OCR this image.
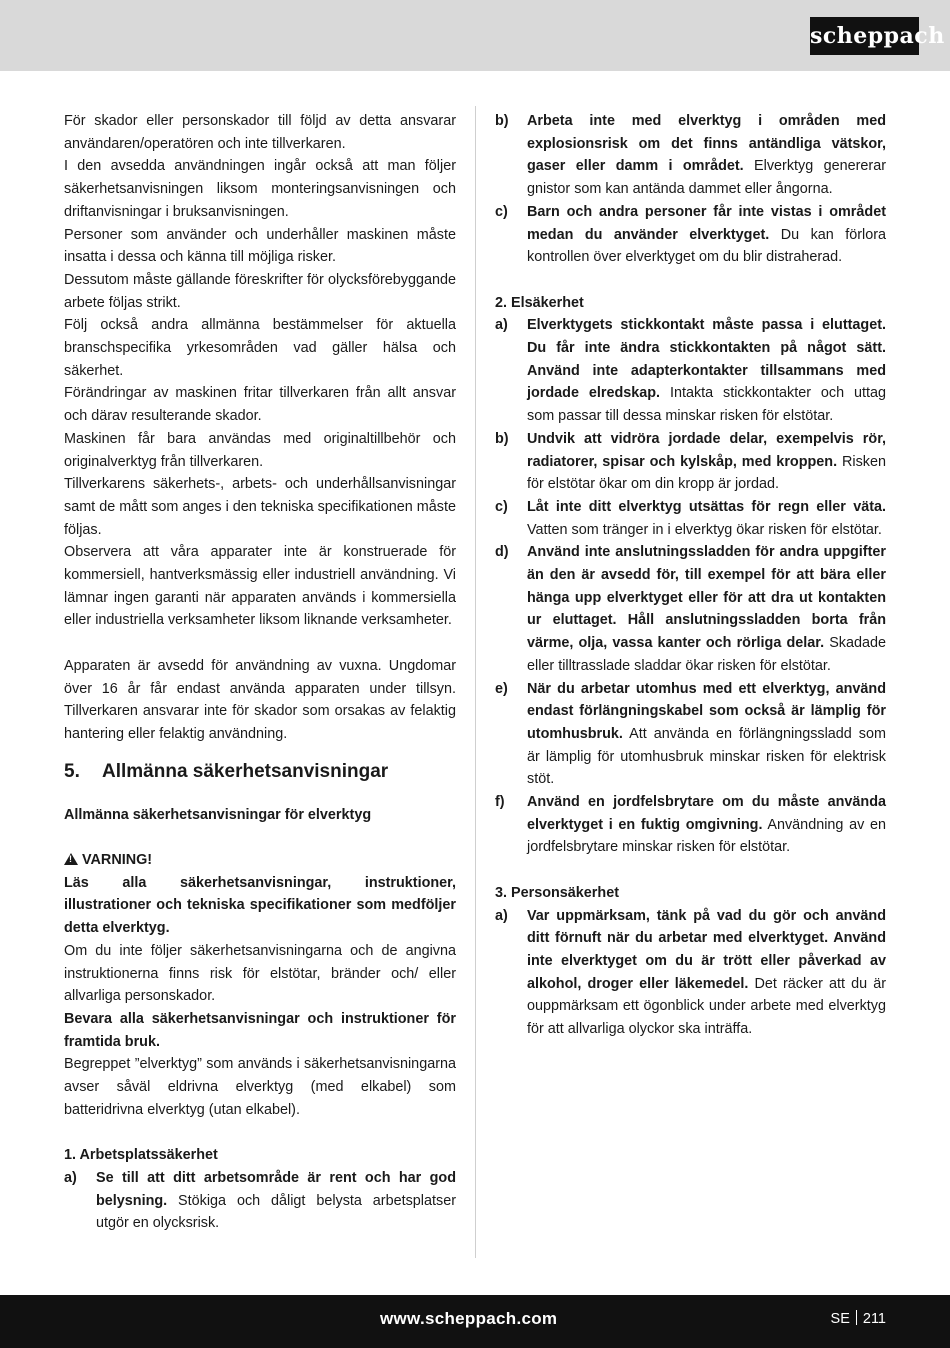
scheppach

För skador eller personskador till följd av detta ansvarar användaren/operatören och inte tillverkaren.

I den avsedda användningen ingår också att man följer säkerhetsanvisningen liksom monteringsanvisningen och driftanvisningar i bruksanvisningen.

Personer som använder och underhåller maskinen måste insatta i dessa och känna till möjliga risker.

Dessutom måste gällande föreskrifter för olycksförebyggande arbete följas strikt.

Följ också andra allmänna bestämmelser för aktuella branschspecifika yrkesområden vad gäller hälsa och säkerhet.

Förändringar av maskinen fritar tillverkaren från allt ansvar och därav resulterande skador.

Maskinen får bara användas med originaltillbehör och originalverktyg från tillverkaren.

Tillverkarens säkerhets-, arbets- och underhållsanvisningar samt de mått som anges i den tekniska specifikationen måste följas.

Observera att våra apparater inte är konstruerade för kommersiell, hantverksmässig eller industriell användning. Vi lämnar ingen garanti när apparaten används i kommersiella eller industriella verksamheter liksom liknande verksamheter.

Apparaten är avsedd för användning av vuxna. Ungdomar över 16 år får endast använda apparaten under tillsyn. Tillverkaren ansvarar inte för skador som orsakas av felaktig hantering eller felaktig användning.

5. Allmänna säkerhetsanvisningar

Allmänna säkerhetsanvisningar för elverktyg

!VARNING!

Läs alla säkerhetsanvisningar, instruktioner, illustrationer och tekniska specifikationer som medföljer detta elverktyg.

Om du inte följer säkerhetsanvisningarna och de angivna instruktionerna finns risk för elstötar, bränder och/ eller allvarliga personskador.

Bevara alla säkerhetsanvisningar och instruktioner för framtida bruk.

Begreppet ”elverktyg” som används i säkerhetsanvisningarna avser såväl eldrivna elverktyg (med elkabel) som batteridrivna elverktyg (utan elkabel).

1. Arbetsplatssäkerhet

a)	Se till att ditt arbetsområde är rent och har god belysning. Stökiga och dåligt belysta arbetsplatser utgör en olycksrisk.
b)	Arbeta inte med elverktyg i områden med explosionsrisk om det finns antändliga vätskor, gaser eller damm i området. Elverktyg genererar gnistor som kan antända dammet eller ångorna.
c)	Barn och andra personer får inte vistas i området medan du använder elverktyget. Du kan förlora kontrollen över elverktyget om du blir distraherad.

2. Elsäkerhet

a)	Elverktygets stickkontakt måste passa i eluttaget. Du får inte ändra stickkontakten på något sätt. Använd inte adapterkontakter tillsammans med jordade elredskap. Intakta stickkontakter och uttag som passar till dessa minskar risken för elstötar.
b)	Undvik att vidröra jordade delar, exempelvis rör, radiatorer, spisar och kylskåp, med kroppen. Risken för elstötar ökar om din kropp är jordad.
c)	Låt inte ditt elverktyg utsättas för regn eller väta. Vatten som tränger in i elverktyg ökar risken för elstötar.
d)	Använd inte anslutningssladden för andra uppgifter än den är avsedd för, till exempel för att bära eller hänga upp elverktyget eller för att dra ut kontakten ur eluttaget. Håll anslutningssladden borta från värme, olja, vassa kanter och rörliga delar. Skadade eller tilltrasslade sladdar ökar risken för elstötar.
e)	När du arbetar utomhus med ett elverktyg, använd endast förlängningskabel som också är lämplig för utomhusbruk. Att använda en förlängningssladd som är lämplig för utomhusbruk minskar risken för elektrisk stöt.
f)	Använd en jordfelsbrytare om du måste använda elverktyget i en fuktig omgivning. Användning av en jordfelsbrytare minskar risken för elstötar.

3. Personsäkerhet

a)	Var uppmärksam, tänk på vad du gör och använd ditt förnuft när du arbetar med elverktyget. Använd inte elverktyget om du är trött eller påverkad av alkohol, droger eller läkemedel. Det räcker att du är ouppmärksam ett ögonblick under arbete med elverktyg för att allvarliga olyckor ska inträffa.
www.scheppach.com	SE 211
